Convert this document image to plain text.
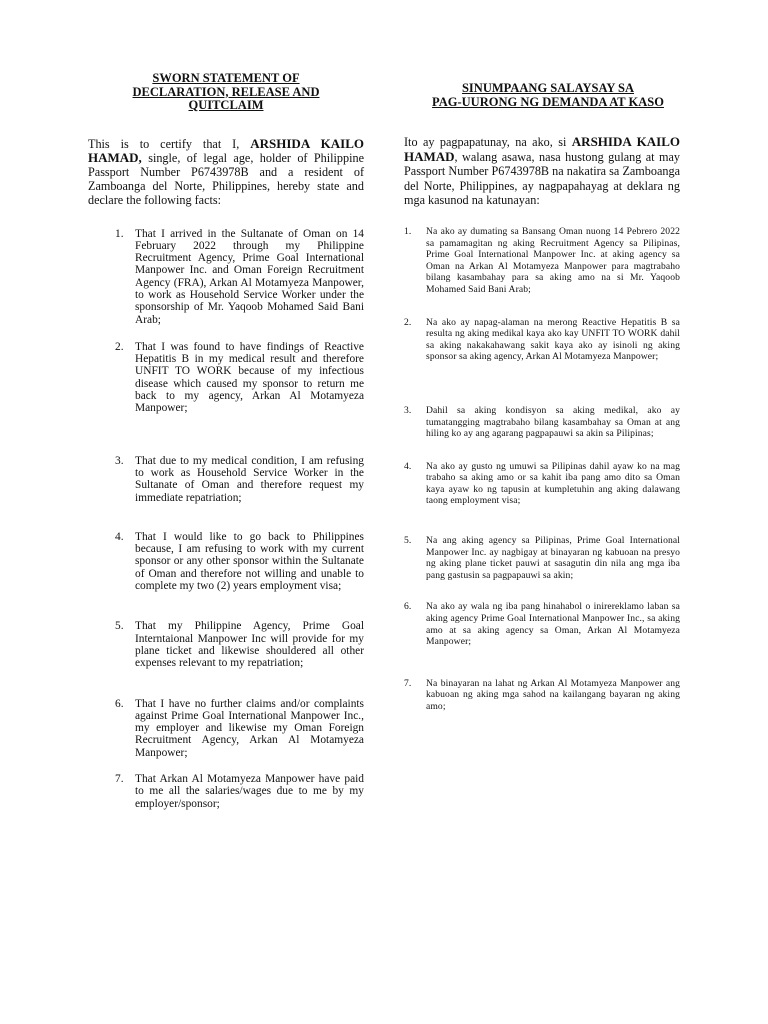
SWORN STATEMENT OF
DECLARATION, RELEASE AND
QUITCLAIM

This is to certify that I, ARSHIDA KAILO HAMAD, single, of legal age, holder of Philippine Passport Number P6743978B and a resident of Zamboanga del Norte, Philippines, hereby state and declare the following facts:

1. That I arrived in the Sultanate of Oman on 14 February 2022 through my Philippine Recruitment Agency, Prime Goal International Manpower Inc. and Oman Foreign Recruitment Agency (FRA), Arkan Al Motamyeza Manpower, to work as Household Service Worker under the sponsorship of Mr. Yaqoob Mohamed Said Bani Arab;
2. That I was found to have findings of Reactive Hepatitis B in my medical result and therefore UNFIT TO WORK because of my infectious disease which caused my sponsor to return me back to my agency, Arkan Al Motamyeza Manpower;
3. That due to my medical condition, I am refusing to work as Household Service Worker in the Sultanate of Oman and therefore request my immediate repatriation;
4. That I would like to go back to Philippines because, I am refusing to work with my current sponsor or any other sponsor within the Sultanate of Oman and therefore not willing and unable to complete my two (2) years employment visa;
5. That my Philippine Agency, Prime Goal Interntaional Manpower Inc will provide for my plane ticket and likewise shouldered all other expenses relevant to my repatriation;
6. That I have no further claims and/or complaints against Prime Goal International Manpower Inc., my employer and likewise my Oman Foreign Recruitment Agency, Arkan Al Motamyeza Manpower;
7. That Arkan Al Motamyeza Manpower have paid to me all the salaries/wages due to me by my employer/sponsor;
SINUMPAANG SALAYSAY SA
PAG-UURONG NG DEMANDA AT KASO

Ito ay pagpapatunay, na ako, si ARSHIDA KAILO HAMAD, walang asawa, nasa hustong gulang at may Passport Number P6743978B na nakatira sa Zamboanga del Norte, Philippines, ay nagpapahayag at deklara ng mga kasunod na katunayan:

1. Na ako ay dumating sa Bansang Oman nuong 14 Pebrero 2022 sa pamamagitan ng aking Recruitment Agency sa Pilipinas, Prime Goal International Manpower Inc. at aking agency sa Oman na Arkan Al Motamyeza Manpower para magtrabaho bilang kasambahay para sa aking amo na si Mr. Yaqoob Mohamed Said Bani Arab;
2. Na ako ay napag-alaman na merong Reactive Hepatitis B sa resulta ng aking medikal kaya ako kay UNFIT TO WORK dahil sa aking nakakahawang sakit kaya ako ay isinoli ng aking sponsor sa aking agency, Arkan Al Motamyeza Manpower;
3. Dahil sa aking kondisyon sa aking medikal, ako ay tumatangging magtrabaho bilang kasambahay sa Oman at ang hiling ko ay ang agarang pagpapauwi sa akin sa Pilipinas;
4. Na ako ay gusto ng umuwi sa Pilipinas dahil ayaw ko na mag trabaho sa aking amo or sa kahit iba pang amo dito sa Oman kaya ayaw ko ng tapusin at kumpletuhin ang aking dalawang taong employment visa;
5. Na ang aking agency sa Pilipinas, Prime Goal International Manpower Inc. ay nagbigay at binayaran ng kabuoan na presyo ng aking plane ticket pauwi at sasagutin din nila ang mga iba pang gastusin sa pagpapauwi sa akin;
6. Na ako ay wala ng iba pang hinahabol o inirereklamo laban sa aking agency Prime Goal International Manpower Inc., sa aking amo at sa aking agency sa Oman, Arkan Al Motamyeza Manpower;
7. Na binayaran na lahat ng Arkan Al Motamyeza Manpower ang kabuoan ng aking mga sahod na kailangang bayaran ng aking amo;
